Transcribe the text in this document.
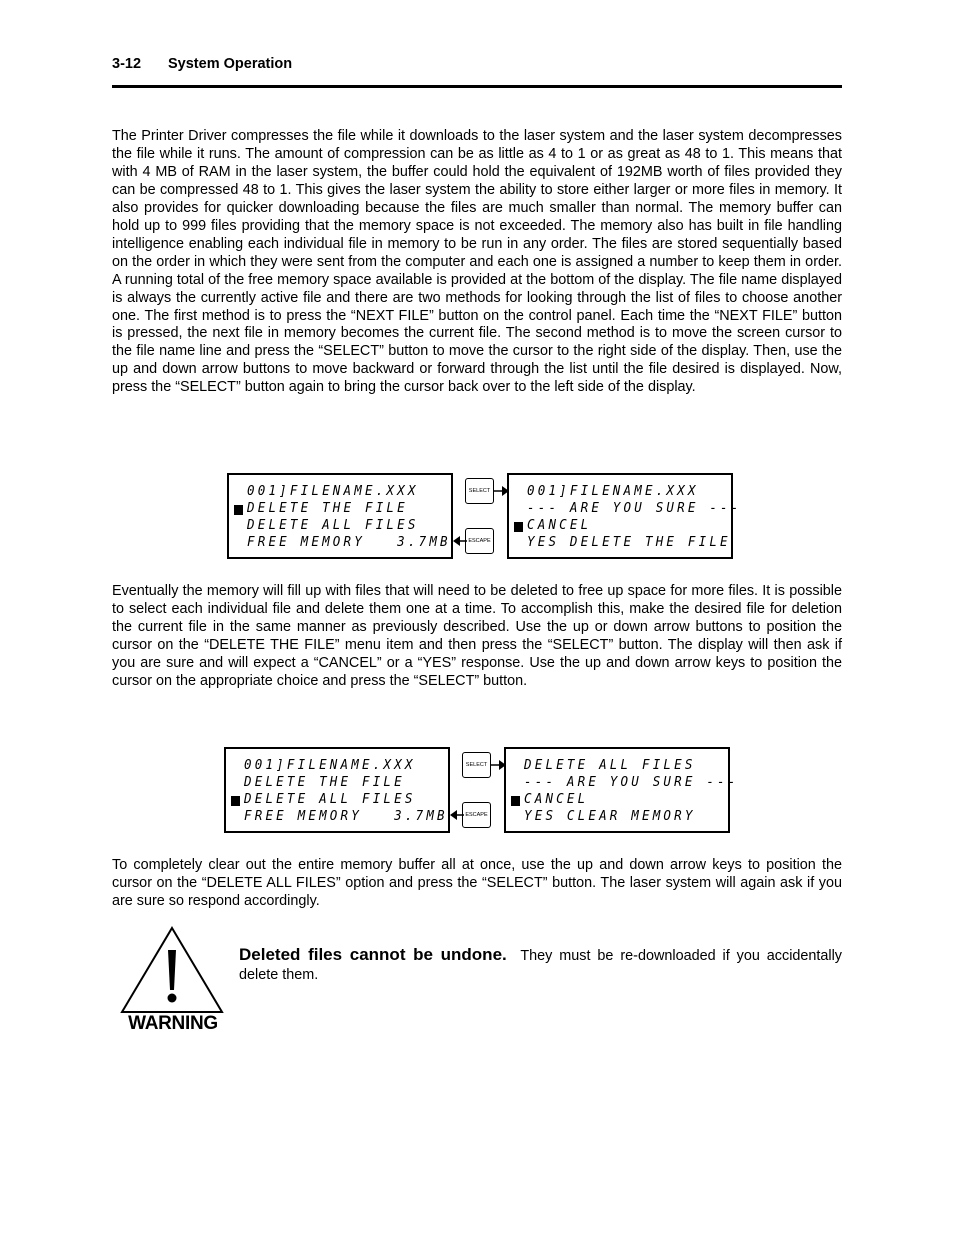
3-12 System Operation

The Printer Driver compresses the file while it downloads to the laser system and the laser system decompresses the file while it runs. The amount of compression can be as little as 4 to 1 or as great as 48 to 1. This means that with 4 MB of RAM in the laser system, the buffer could hold the equivalent of 192MB worth of files provided they can be compressed 48 to 1. This gives the laser system the ability to store either larger or more files in memory. It also provides for quicker downloading because the files are much smaller than normal. The memory buffer can hold up to 999 files providing that the memory space is not exceeded. The memory also has built in file handling intelligence enabling each individual file in memory to be run in any order. The files are stored sequentially based on the order in which they were sent from the computer and each one is assigned a number to keep them in order. A running total of the free memory space available is provided at the bottom of the display. The file name displayed is always the currently active file and there are two methods for looking through the list of files to choose another one. The first method is to press the “NEXT FILE” button on the control panel. Each time the “NEXT FILE” button is pressed, the next file in memory becomes the current file. The second method is to move the screen cursor to the file name line and press the “SELECT” button to move the cursor to the right side of the display. Then, use the up and down arrow buttons to move backward or forward through the list until the file desired is displayed. Now, press the “SELECT” button again to bring the cursor back over to the left side of the display.

001]FILENAME.XXX
DELETE THE FILE
DELETE ALL FILES
FREE MEMORY   3.7MB
SELECT
ESCAPE
001]FILENAME.XXX
--- ARE YOU SURE ---
CANCEL
YES DELETE THE FILE

Eventually the memory will fill up with files that will need to be deleted to free up space for more files. It is possible to select each individual file and delete them one at a time. To accomplish this, make the desired file for deletion the current file in the same manner as previously described. Use the up or down arrow buttons to position the cursor on the “DELETE THE FILE” menu item and then press the “SELECT” button. The display will then ask if you are sure and will expect a “CANCEL” or a “YES” response. Use the up and down arrow keys to position the cursor on the appropriate choice and press the “SELECT” button.

001]FILENAME.XXX
DELETE THE FILE
DELETE ALL FILES
FREE MEMORY   3.7MB
SELECT
ESCAPE
DELETE ALL FILES
--- ARE YOU SURE ---
CANCEL
YES CLEAR MEMORY

To completely clear out the entire memory buffer all at once, use the up and down arrow keys to position the cursor on the “DELETE ALL FILES” option and press the “SELECT” button. The laser system will again ask if you are sure so respond accordingly.

WARNING

Deleted files cannot be undone. They must be re-downloaded if you accidentally delete them.
